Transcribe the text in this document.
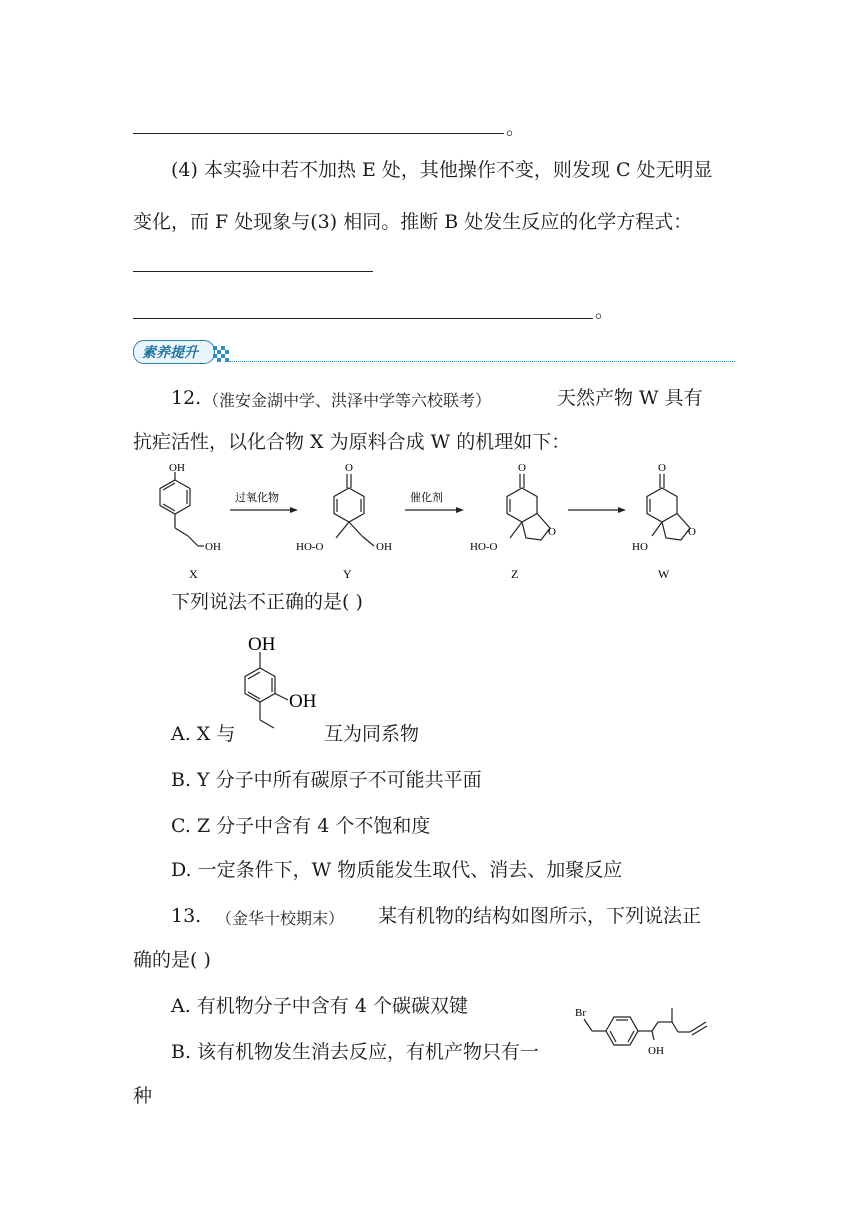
。
(4) 本实验中若不加热 E 处，其他操作不变，则发现 C 处无明显
变化，而 F 处现象与(3) 相同。推断 B 处发生反应的化学方程式：
。
素养提升
12. （淮安金湖中学、洪泽中学等六校联考）	天然产物 W 具有
抗疟活性，以化合物 X 为原料合成 W 的机理如下：
OH
OH
X
过氧化物
O
HO-O	OH
Y
催化剂
O
O
HO-O
Z
O
O
HO
W
下列说法不正确的是( )
OH
OH
A. X 与	互为同系物
B. Y 分子中所有碳原子不可能共平面
C. Z 分子中含有 4 个不饱和度
D. 一定条件下，W 物质能发生取代、消去、加聚反应
13. （金华十校期末） 某有机物的结构如图所示，下列说法正
确的是( )
A. 有机物分子中含有 4 个碳碳双键
B. 该有机物发生消去反应，有机产物只有一
种
Br
OH
